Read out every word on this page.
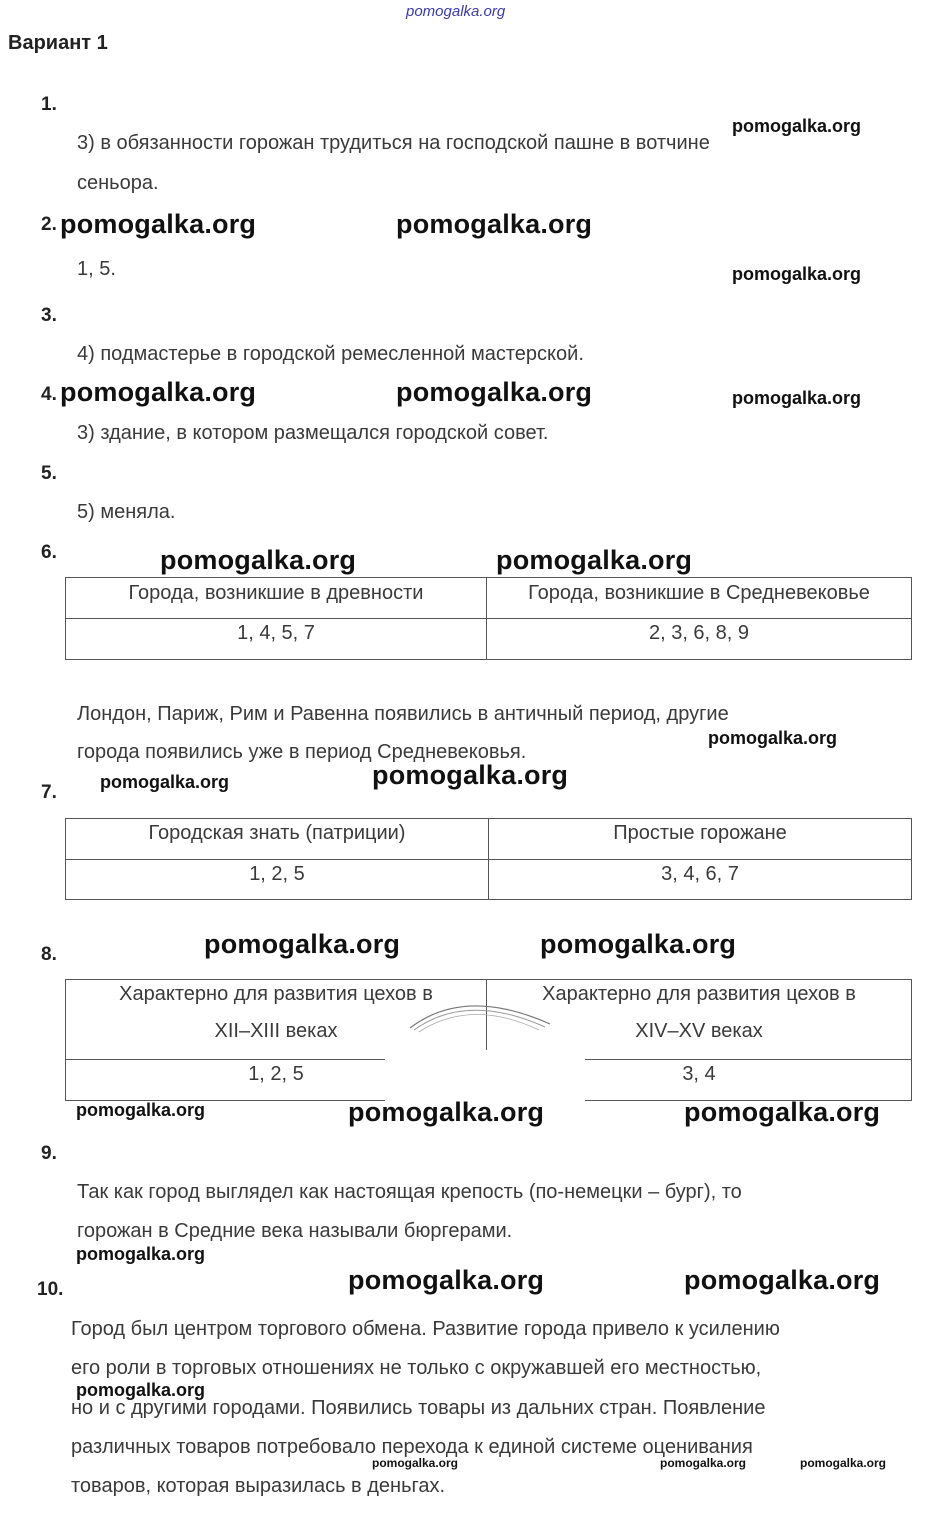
pomogalka.org
Вариант 1
1.
pomogalka.org
3) в обязанности горожан трудиться на господской пашне в вотчине
сеньора.
2. pomogalka.org	pomogalka.org
1, 5.	pomogalka.org
3.
4) подмастерье в городской ремесленной мастерской.
4. pomogalka.org	pomogalka.org	pomogalka.org
3) здание, в котором размещался городской совет.
5.
5) меняла.
6.	pomogalka.org	pomogalka.org
Города, возникшие в древности	Города, возникшие в Средневековье

1, 4, 5, 7	2, 3, 6, 8, 9
Лондон, Париж, Рим и Равенна появились в античный период, другие
pomogalka.org
города появились уже в период Средневековья.
pomogalka.org	pomogalka.org
7.
Городская знать (патриции)	Простые горожане

1, 2, 5	3, 4, 6, 7
pomogalka.org	pomogalka.org
8.
Характерно для развития цехов в
XII–XIII веках	Характерно для развития цехов в
XIV–XV веках

1, 2, 5	3, 4
pomogalka.org	pomogalka.org	pomogalka.org
9.
Так как город выглядел как настоящая крепость (по-немецки – бург), то
горожан в Средние века называли бюргерами.
pomogalka.org
10.	pomogalka.org	pomogalka.org
Город был центром торгового обмена. Развитие города привело к усилению
его роли в торговых отношениях не только с окружавшей его местностью,
pomogalka.org
но и с другими городами. Появились товары из дальних стран. Появление
различных товаров потребовало перехода к единой системе оценивания
pomogalka.org	pomogalka.org	pomogalka.org
товаров, которая выразилась в деньгах.
